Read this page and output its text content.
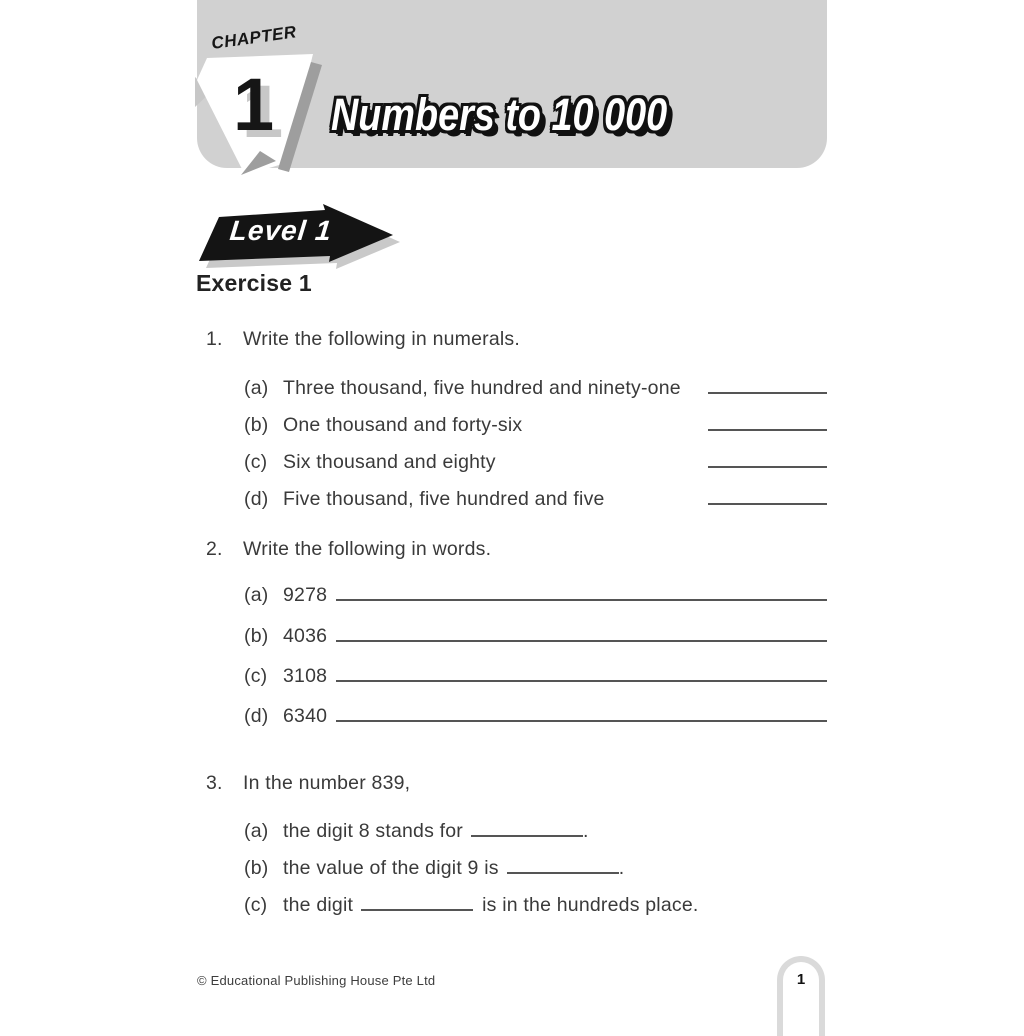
CHAPTER
1 Numbers to 10 000
Level 1
Exercise 1
1.	Write the following in numerals.
(a) Three thousand, five hundred and ninety-one
(b) One thousand and forty-six
(c) Six thousand and eighty
(d) Five thousand, five hundred and five
2.	Write the following in words.
(a) 9278
(b) 4036
(c) 3108
(d) 6340
3.	In the number 839,
(a) the digit 8 stands for	.
(b) the value of the digit 9 is	.
(c) the digit	is in the hundreds place.
© Educational Publishing House Pte Ltd	1
